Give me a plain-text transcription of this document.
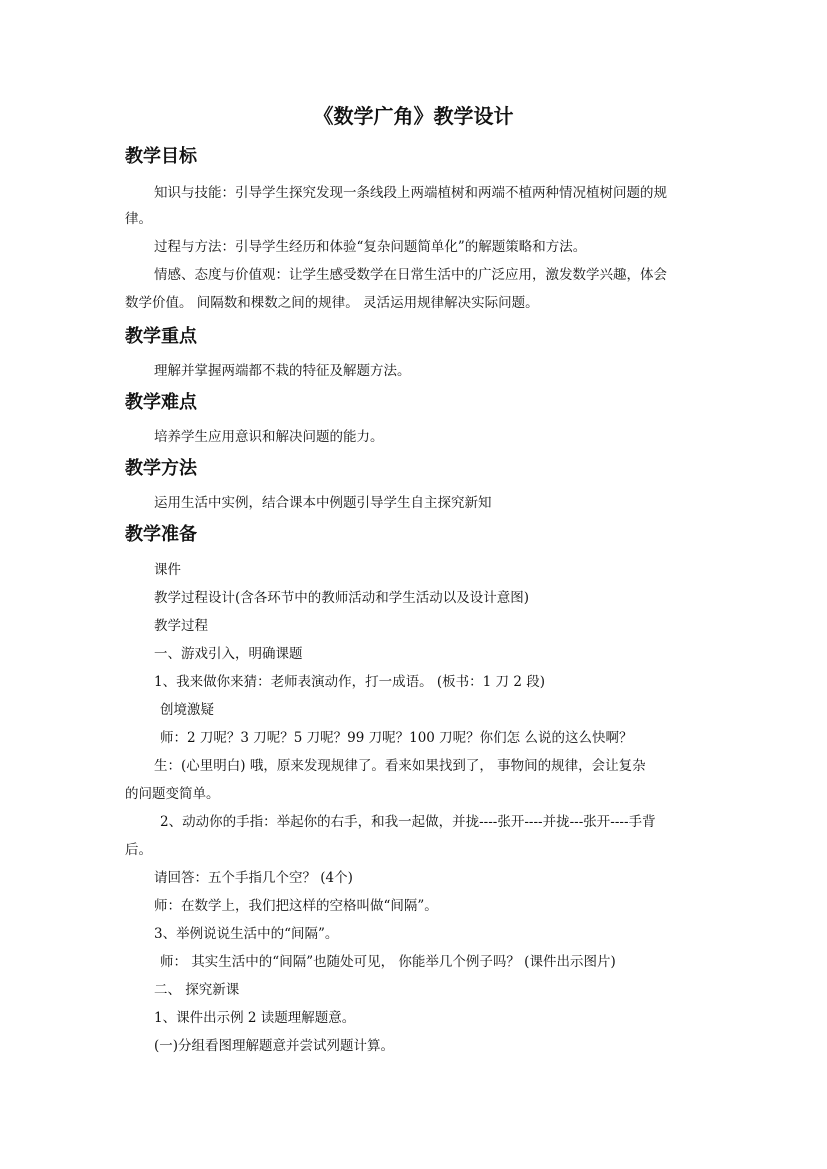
《数学广角》教学设计
教学目标
知识与技能：引导学生探究发现一条线段上两端植树和两端不植两种情况植树问题的规
律。
过程与方法：引导学生经历和体验“复杂问题简单化”的解题策略和方法。
情感、态度与价值观：让学生感受数学在日常生活中的广泛应用，激发数学兴趣，体会
数学价值。 间隔数和棵数之间的规律。 灵活运用规律解决实际问题。
教学重点
理解并掌握两端都不栽的特征及解题方法。
教学难点
培养学生应用意识和解决问题的能力。
教学方法
运用生活中实例，结合课本中例题引导学生自主探究新知
教学准备
课件
教学过程设计(含各环节中的教师活动和学生活动以及设计意图)
教学过程
一、游戏引入，明确课题
1、我来做你来猜：老师表演动作，打一成语。 (板书：1 刀 2 段)
创境激疑
师：2 刀呢？3 刀呢？5 刀呢？99 刀呢？100 刀呢？你们怎 么说的这么快啊？
生：(心里明白) 哦，原来发现规律了。看来如果找到了， 事物间的规律，会让复杂
的问题变简单。
2、动动你的手指：举起你的右手，和我一起做，并拢----张开----并拢---张开----手背
后。
请回答：五个手指几个空？ (4个)
师：在数学上，我们把这样的空格叫做“间隔”。
3、举例说说生活中的“间隔”。
师： 其实生活中的“间隔”也随处可见， 你能举几个例子吗？ (课件出示图片)
二、 探究新课
1、课件出示例 2 读题理解题意。
(一)分组看图理解题意并尝试列题计算。
